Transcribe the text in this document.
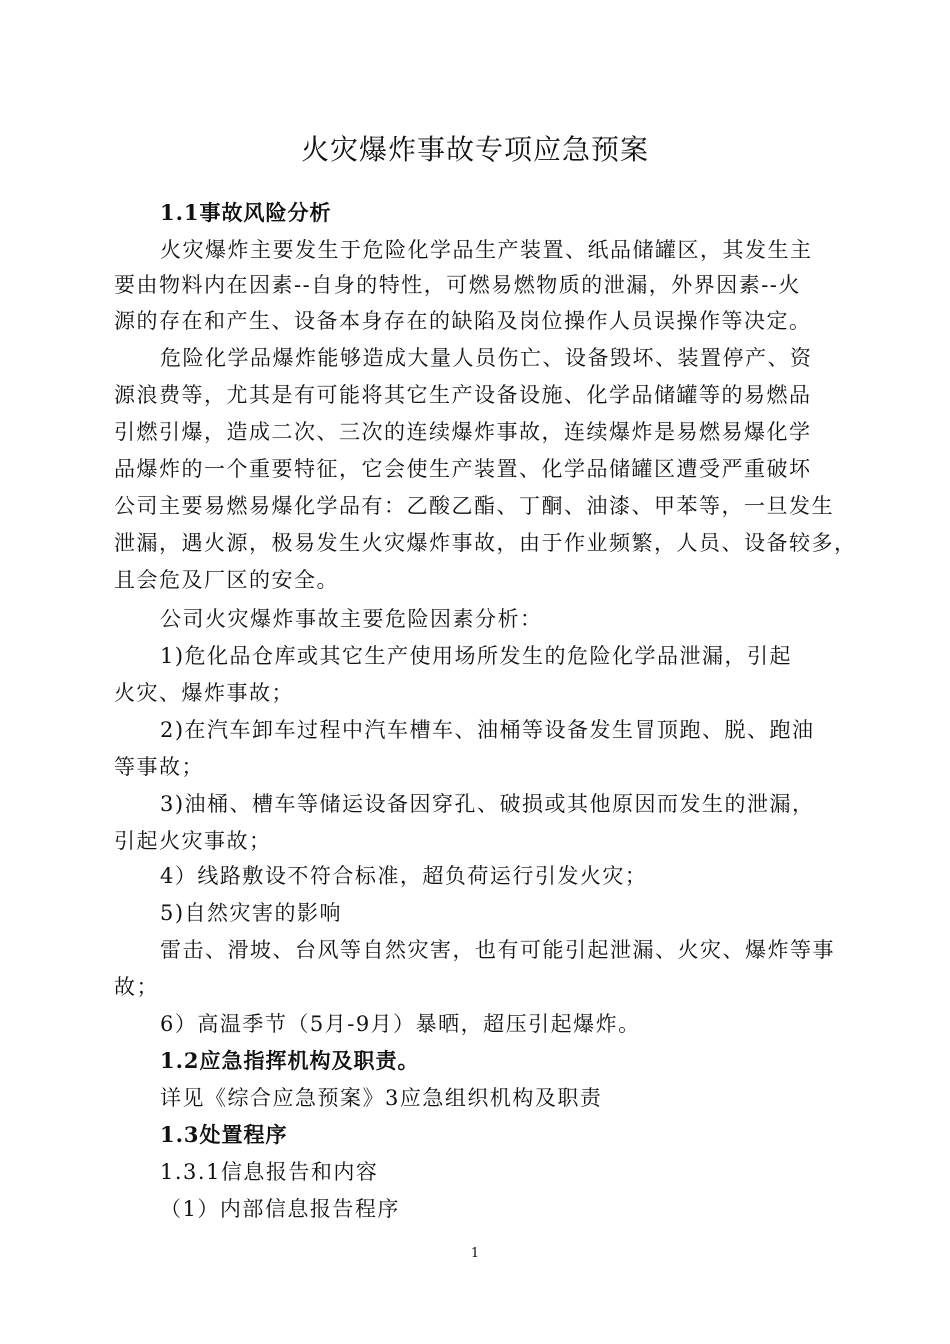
火灾爆炸事故专项应急预案
1.1事故风险分析
火灾爆炸主要发生于危险化学品生产装置、纸品储罐区，其发生主
要由物料内在因素--自身的特性，可燃易燃物质的泄漏，外界因素--火
源的存在和产生、设备本身存在的缺陷及岗位操作人员误操作等决定。
危险化学品爆炸能够造成大量人员伤亡、设备毁坏、装置停产、资
源浪费等，尤其是有可能将其它生产设备设施、化学品储罐等的易燃品
引燃引爆，造成二次、三次的连续爆炸事故，连续爆炸是易燃易爆化学
品爆炸的一个重要特征，它会使生产装置、化学品储罐区遭受严重破坏
公司主要易燃易爆化学品有：乙酸乙酯、丁酮、油漆、甲苯等，一旦发生
泄漏，遇火源，极易发生火灾爆炸事故，由于作业频繁，人员、设备较多，
且会危及厂区的安全。
公司火灾爆炸事故主要危险因素分析：
1)危化品仓库或其它生产使用场所发生的危险化学品泄漏，引起
火灾、爆炸事故；
2)在汽车卸车过程中汽车槽车、油桶等设备发生冒顶跑、脱、跑油
等事故；
3)油桶、槽车等储运设备因穿孔、破损或其他原因而发生的泄漏，
引起火灾事故；
4）线路敷设不符合标准，超负荷运行引发火灾；
5)自然灾害的影响
雷击、滑坡、台风等自然灾害，也有可能引起泄漏、火灾、爆炸等事
故；
6）高温季节（5月-9月）暴晒，超压引起爆炸。
1.2应急指挥机构及职责。
详见《综合应急预案》3应急组织机构及职责
1.3处置程序
1.3.1信息报告和内容
（1）内部信息报告程序
1
